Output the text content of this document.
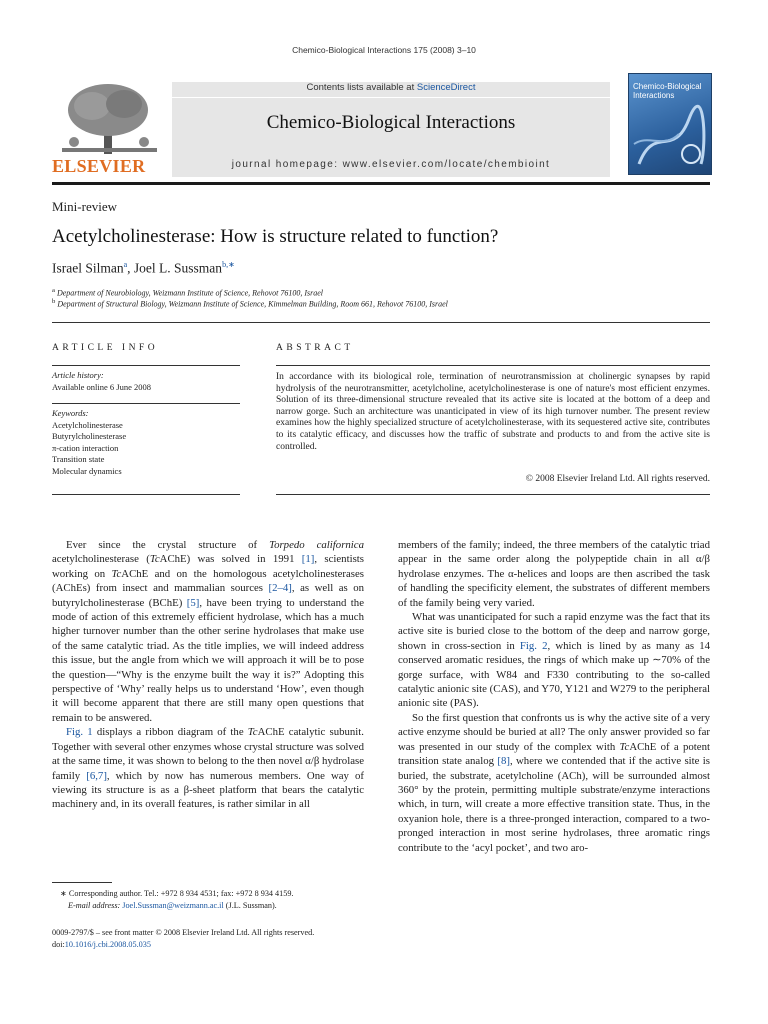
Chemico-Biological Interactions 175 (2008) 3–10
ELSEVIER
Contents lists available at ScienceDirect
Chemico-Biological Interactions
journal homepage: www.elsevier.com/locate/chembioint
Chemico-Biological Interactions
Mini-review
Acetylcholinesterase: How is structure related to function?
Israel Silman$^a$, Joel L. Sussman$^{b,∗}$
$^a$ Department of Neurobiology, Weizmann Institute of Science, Rehovot 76100, Israel
$^b$ Department of Structural Biology, Weizmann Institute of Science, Kimmelman Building, Room 661, Rehovot 76100, Israel
ARTICLE INFO
Article history:
Available online 6 June 2008
Keywords:
Acetylcholinesterase
Butyrylcholinesterase
π-cation interaction
Transition state
Molecular dynamics
ABSTRACT
In accordance with its biological role, termination of neurotransmission at cholinergic synapses by rapid hydrolysis of the neurotransmitter, acetylcholine, acetylcholinesterase is one of nature's most efficient enzymes. Solution of its three-dimensional structure revealed that its active site is located at the bottom of a deep and narrow gorge. Such an architecture was unanticipated in view of its high turnover number. The present review examines how the highly specialized structure of acetylcholinesterase, with its sequestered active site, contributes to its catalytic efficacy, and discusses how the traffic of substrate and products to and from the active site is controlled.
© 2008 Elsevier Ireland Ltd. All rights reserved.

Ever since the crystal structure of Torpedo californica acetylcholinesterase (TcAChE) was solved in 1991 [1], scientists working on TcAChE and on the homologous acetylcholinesterases (AChEs) from insect and mammalian sources [2–4], as well as on butyrylcholinesterase (BChE) [5], have been trying to understand the mode of action of this extremely efficient hydrolase, which has a much higher turnover number than the other serine hydrolases that make use of the same catalytic triad. As the title implies, we will indeed address this issue, but the angle from which we will approach it will be to pose the question—“Why is the enzyme built the way it is?” Adopting this perspective of ‘Why’ really helps us to understand ‘How’, even though it will become apparent that there are still many open questions that remain to be answered.

Fig. 1 displays a ribbon diagram of the TcAChE catalytic subunit. Together with several other enzymes whose crystal structure was solved at the same time, it was shown to belong to the then novel α/β hydrolase family [6,7], which by now has numerous members. One way of viewing its structure is as a β-sheet platform that bears the catalytic machinery and, in its overall features, is rather similar in all

members of the family; indeed, the three members of the catalytic triad appear in the same order along the polypeptide chain in all α/β hydrolase enzymes. The α-helices and loops are then ascribed the task of handling the specificity element, the substrates of different members of the family being very varied.

What was unanticipated for such a rapid enzyme was the fact that its active site is buried close to the bottom of the deep and narrow gorge, shown in cross-section in Fig. 2, which is lined by as many as 14 conserved aromatic residues, the rings of which make up ∼70% of the gorge surface, with W84 and F330 contributing to the so-called catalytic anionic site (CAS), and Y70, Y121 and W279 to the peripheral anionic site (PAS).

So the first question that confronts us is why the active site of a very active enzyme should be buried at all? The only answer provided so far was presented in our study of the complex with TcAChE of a potent transition state analog [8], where we contended that if the active site is buried, the substrate, acetylcholine (ACh), will be surrounded almost 360° by the protein, permitting multiple substrate/enzyme interactions which, in turn, will create a more effective transition state. Thus, in the oxyanion hole, there is a three-pronged interaction, compared to a two-pronged interaction in most serine hydrolases, three aromatic rings contribute to the ‘acyl pocket’, and two aro-

∗ Corresponding author. Tel.: +972 8 934 4531; fax: +972 8 934 4159.
E-mail address: Joel.Sussman@weizmann.ac.il (J.L. Sussman).
0009-2797/$ – see front matter © 2008 Elsevier Ireland Ltd. All rights reserved.
doi:10.1016/j.cbi.2008.05.035
